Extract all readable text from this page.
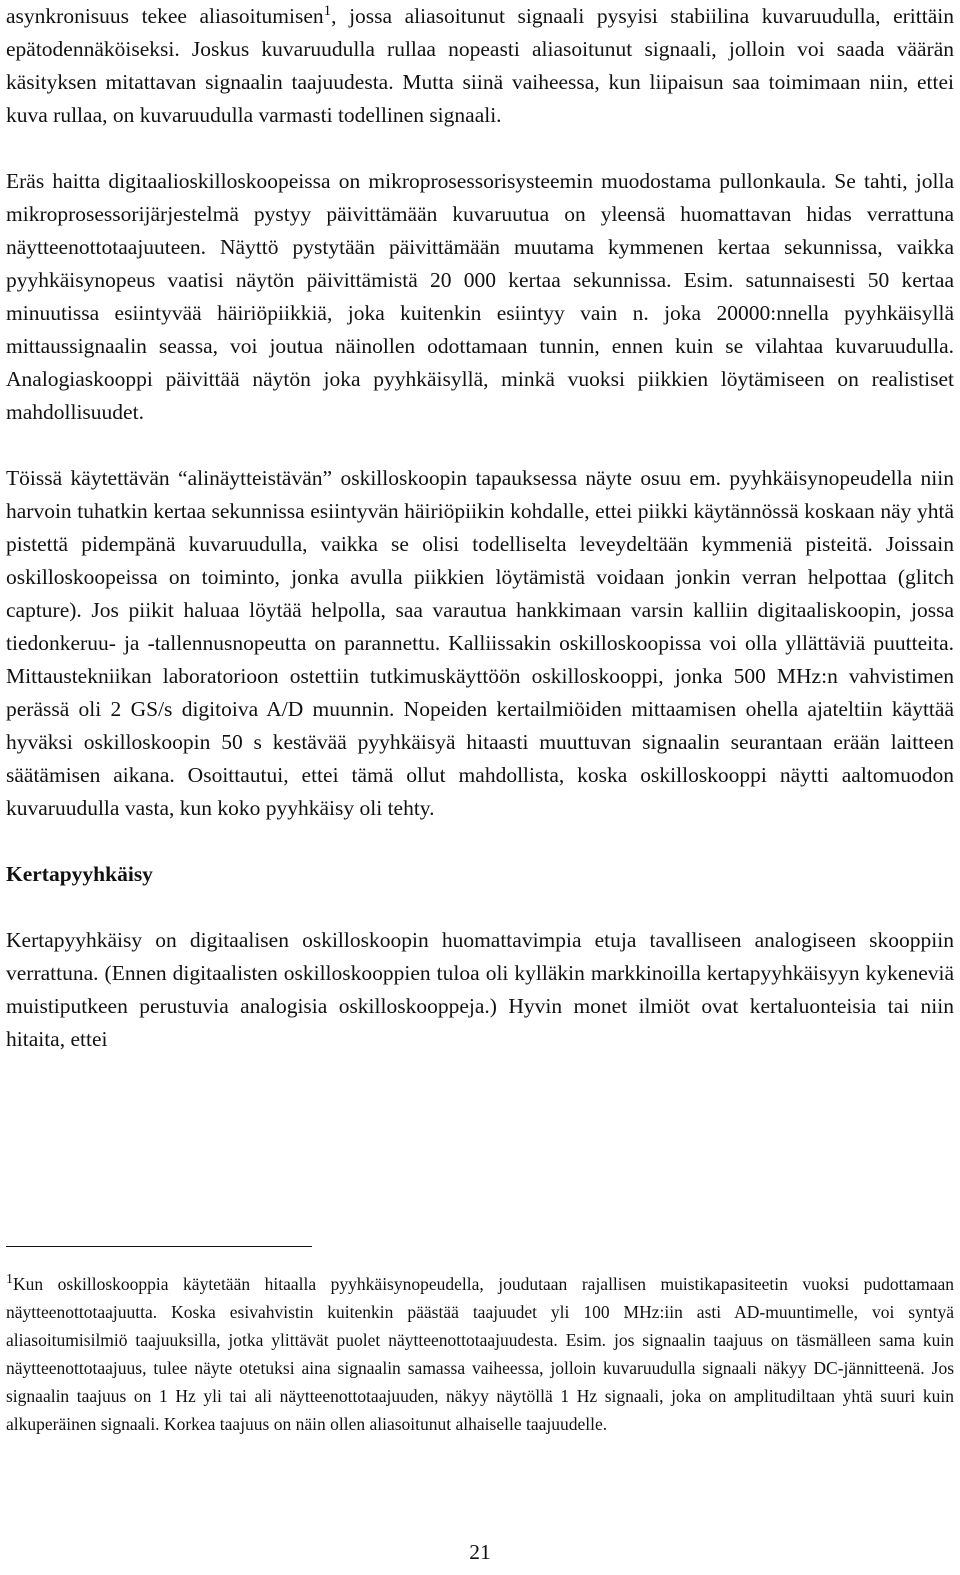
asynkronisuus tekee aliasoitumisen$^1$, jossa aliasoitunut signaali pysyisi stabiilina kuvaruudulla, erittäin epätodennäköiseksi. Joskus kuvaruudulla rullaa nopeasti aliasoitunut signaali, jolloin voi saada väärän käsityksen mitattavan signaalin taajuudesta. Mutta siinä vaiheessa, kun liipaisun saa toimimaan niin, ettei kuva rullaa, on kuvaruudulla varmasti todellinen signaali.

Eräs haitta digitaalioskilloskoopeissa on mikroprosessorisysteemin muodostama pullonkaula. Se tahti, jolla mikroprosessorijärjestelmä pystyy päivittämään kuvaruutua on yleensä huomattavan hidas verrattuna näytteenottotaajuuteen. Näyttö pystytään päivittämään muutama kymmenen kertaa sekunnissa, vaikka pyyhkäisynopeus vaatisi näytön päivittämistä 20 000 kertaa sekunnissa. Esim. satunnaisesti 50 kertaa minuutissa esiintyvää häiriöpiikkiä, joka kuitenkin esiintyy vain n. joka 20000:nnella pyyhkäisyllä mittaussignaalin seassa, voi joutua näinollen odottamaan tunnin, ennen kuin se vilahtaa kuvaruudulla. Analogiaskooppi päivittää näytön joka pyyhkäisyllä, minkä vuoksi piikkien löytämiseen on realistiset mahdollisuudet.

Töissä käytettävän “alinäytteistävän” oskilloskoopin tapauksessa näyte osuu em. pyyhkäisynopeudella niin harvoin tuhatkin kertaa sekunnissa esiintyvän häiriöpiikin kohdalle, ettei piikki käytännössä koskaan näy yhtä pistettä pidempänä kuvaruudulla, vaikka se olisi todelliselta leveydeltään kymmeniä pisteitä. Joissain oskilloskoopeissa on toiminto, jonka avulla piikkien löytämistä voidaan jonkin verran helpottaa (glitch capture). Jos piikit haluaa löytää helpolla, saa varautua hankkimaan varsin kalliin digitaaliskoopin, jossa tiedonkeruu- ja -tallennusnopeutta on parannettu. Kalliissakin oskilloskoopissa voi olla yllättäviä puutteita. Mittaustekniikan laboratorioon ostettiin tutkimuskäyttöön oskilloskooppi, jonka 500 MHz:n vahvistimen perässä oli 2 GS/s digitoiva A/D muunnin. Nopeiden kertailmiöiden mittaamisen ohella ajateltiin käyttää hyväksi oskilloskoopin 50 s kestävää pyyhkäisyä hitaasti muuttuvan signaalin seurantaan erään laitteen säätämisen aikana. Osoittautui, ettei tämä ollut mahdollista, koska oskilloskooppi näytti aaltomuodon kuvaruudulla vasta, kun koko pyyhkäisy oli tehty.

Kertapyyhkäisy

Kertapyyhkäisy on digitaalisen oskilloskoopin huomattavimpia etuja tavalliseen analogiseen skooppiin verrattuna. (Ennen digitaalisten oskilloskooppien tuloa oli kylläkin markkinoilla kertapyyhkäisyyn kykeneviä muistiputkeen perustuvia analogisia oskilloskooppeja.) Hyvin monet ilmiöt ovat kertaluonteisia tai niin hitaita, ettei

$^1$Kun oskilloskooppia käytetään hitaalla pyyhkäisynopeudella, joudutaan rajallisen muistikapasiteetin vuoksi pudottamaan näytteenottotaajuutta. Koska esivahvistin kuitenkin päästää taajuudet yli 100 MHz:iin asti AD-muuntimelle, voi syntyä aliasoitumisilmiö taajuuksilla, jotka ylittävät puolet näytteenottotaajuudesta. Esim. jos signaalin taajuus on täsmälleen sama kuin näytteenottotaajuus, tulee näyte otetuksi aina signaalin samassa vaiheessa, jolloin kuvaruudulla signaali näkyy DC-jännitteenä. Jos signaalin taajuus on 1 Hz yli tai ali näytteenottotaajuuden, näkyy näytöllä 1 Hz signaali, joka on amplitudiltaan yhtä suuri kuin alkuperäinen signaali. Korkea taajuus on näin ollen aliasoitunut alhaiselle taajuudelle.
21
